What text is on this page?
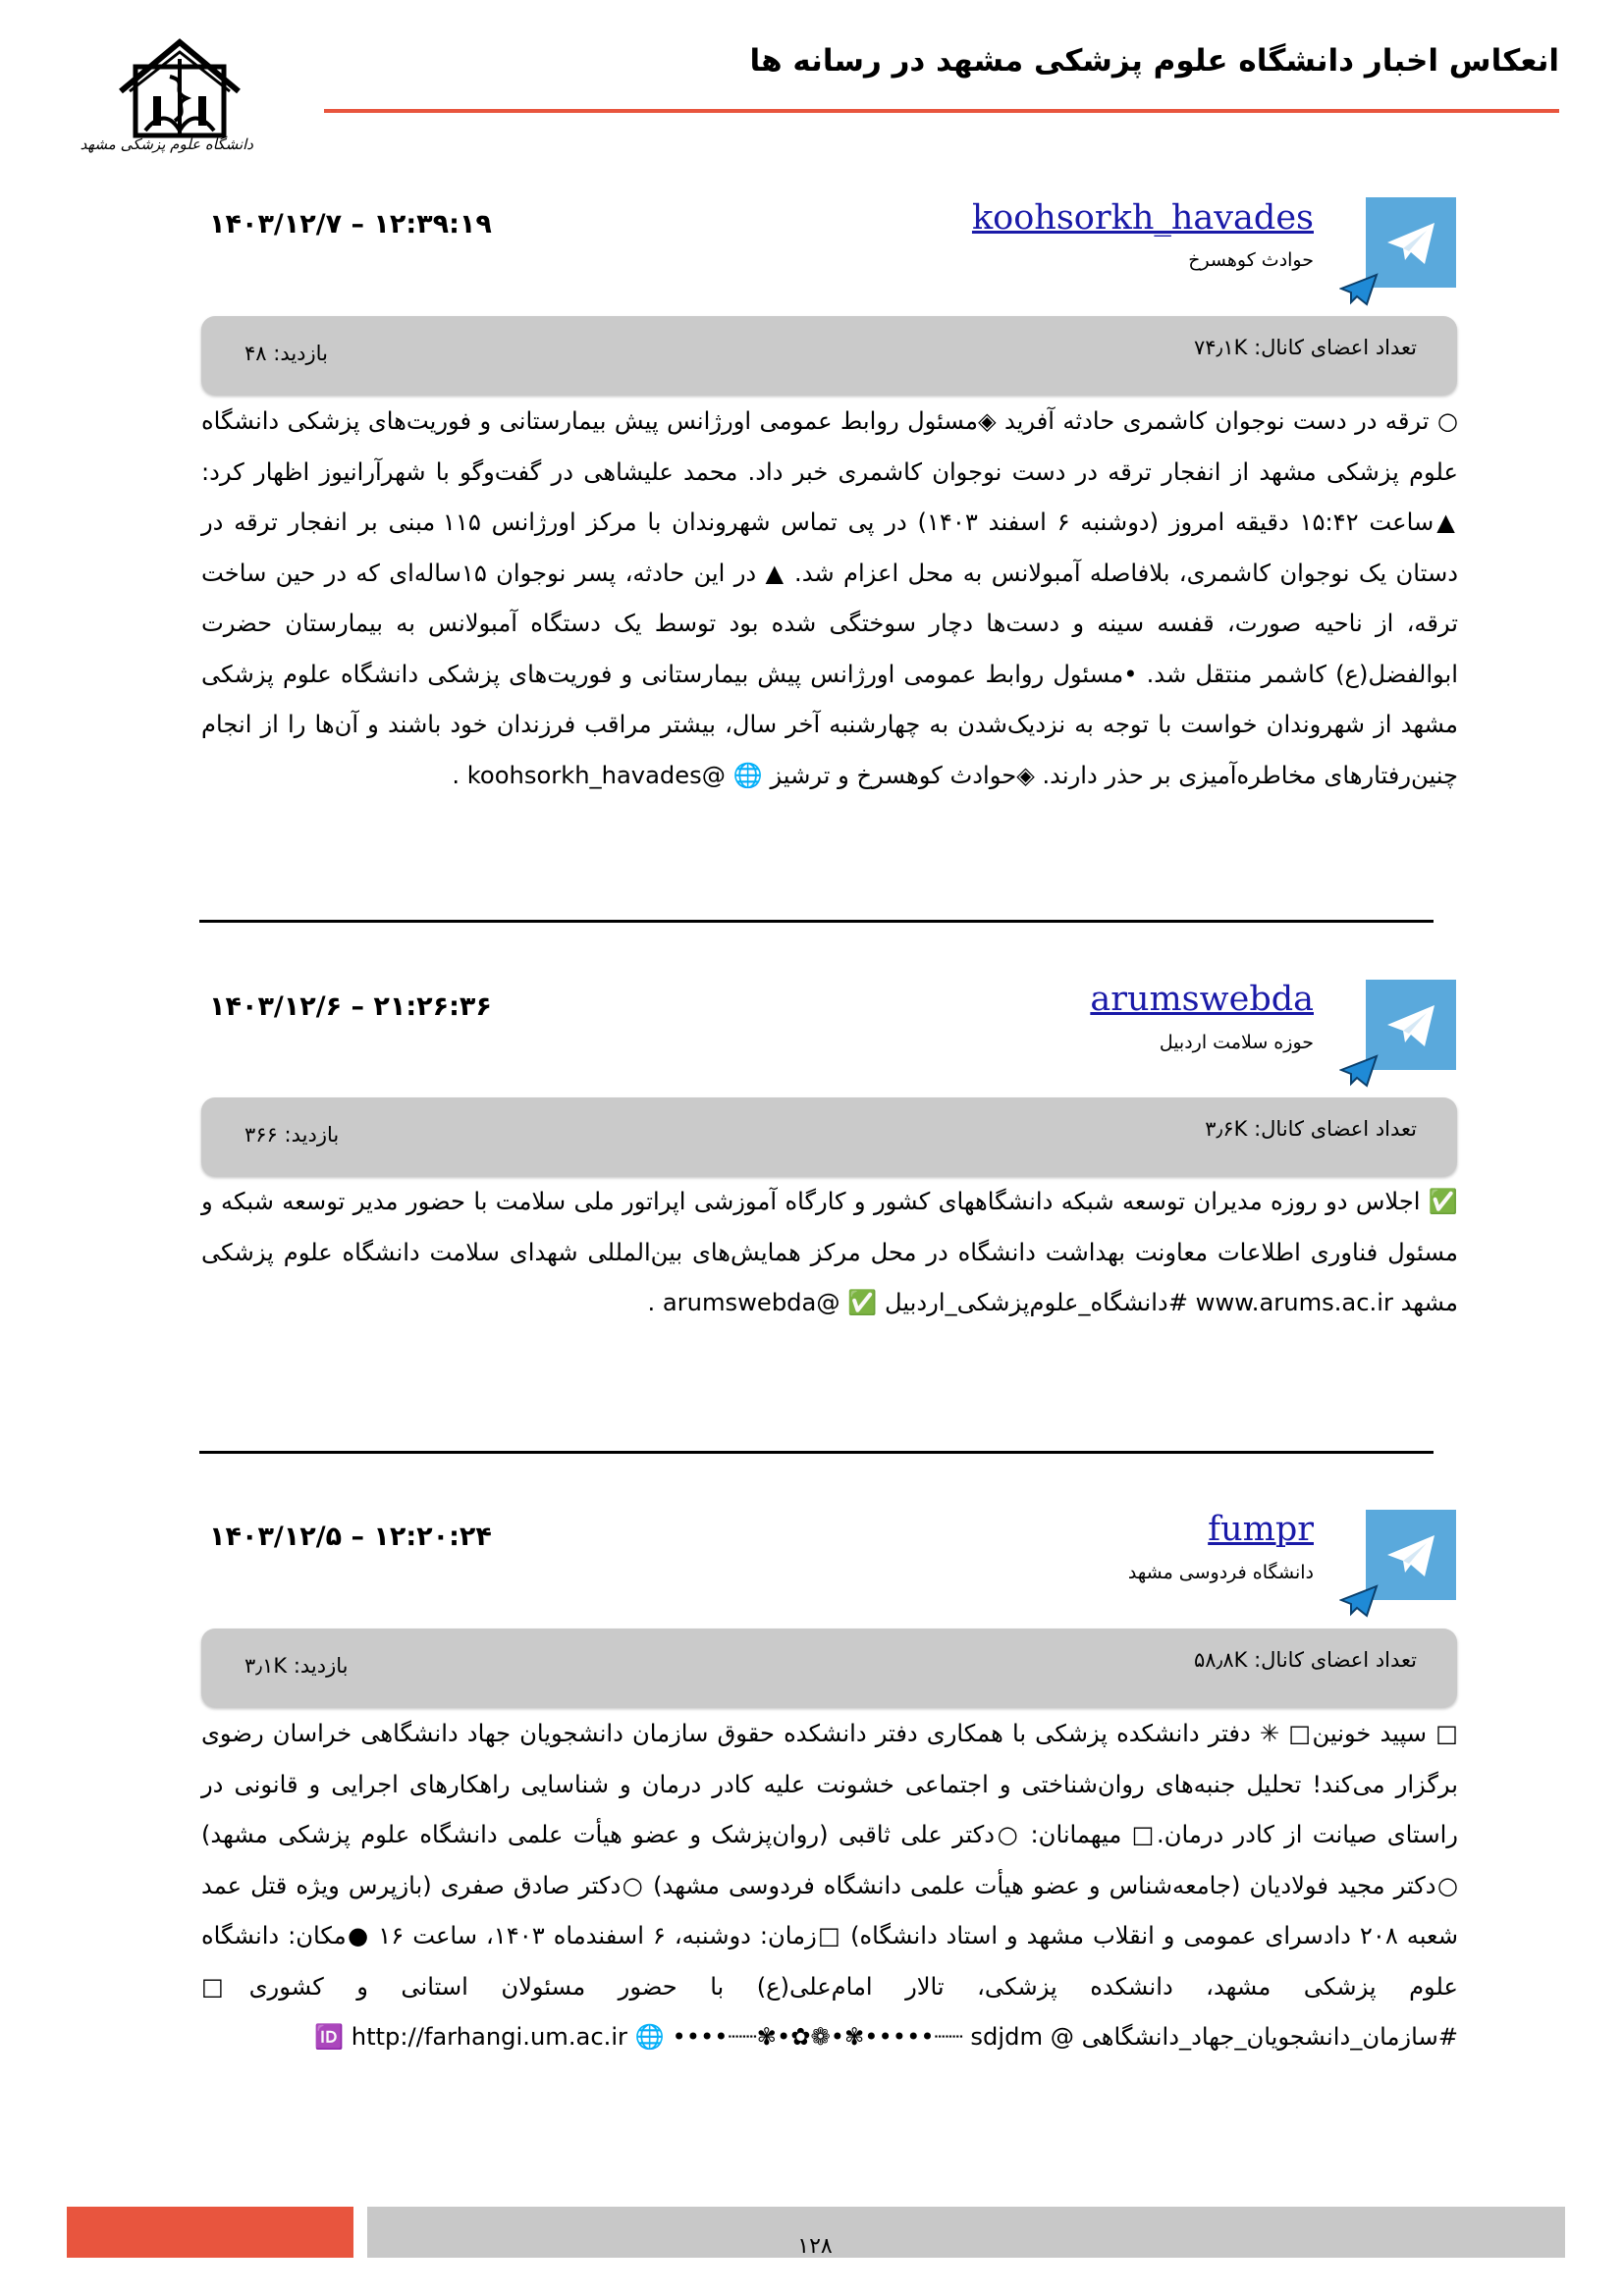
انعکاس اخبار دانشگاه علوم پزشکی مشهد در رسانه ها
دانشگاه علوم پزشکی مشهد
koohsorkh_havades
حوادث کوهسرخ
۱۴۰۳/۱۲/۷ – ۱۲:۳۹:۱۹
تعداد اعضای کانال: ۷۴٫۱K
بازدید: ۴۸
○ ترقه در دست نوجوان کاشمری حادثه آفرید ◈مسئول روابط عمومی اورژانس پیش بیمارستانی و فوریت‌های پزشکی دانشگاه علوم پزشکی مشهد از انفجار ترقه در دست نوجوان کاشمری خبر داد. محمد علیشاهی در گفت‌وگو با شهرآرانیوز اظهار کرد: ▲ساعت ۱۵:۴۲ دقیقه امروز (دوشنبه ۶ اسفند ۱۴۰۳) در پی تماس شهروندان با مرکز اورژانس ۱۱۵ مبنی بر انفجار ترقه در دستان یک نوجوان کاشمری، بلافاصله آمبولانس به محل اعزام شد. ▲ در این حادثه، پسر نوجوان ۱۵ساله‌ای که در حین ساخت ترقه، از ناحیه صورت، قفسه سینه و دست‌ها دچار سوختگی شده بود توسط یک دستگاه آمبولانس به بیمارستان حضرت ابوالفضل(ع) کاشمر منتقل شد. •مسئول روابط عمومی اورژانس پیش بیمارستانی و فوریت‌های پزشکی دانشگاه علوم پزشکی مشهد از شهروندان خواست با توجه به نزدیک‌شدن به چهارشنبه آخر سال، بیشتر مراقب فرزندان خود باشند و آن‌ها را از انجام چنین‌رفتارهای مخاطره‌آمیزی بر حذر دارند. ◈حوادث کوهسرخ و ترشیز 🌐 @koohsorkh_havades .
arumswebda
حوزه سلامت اردبیل
۱۴۰۳/۱۲/۶ – ۲۱:۲۶:۳۶
تعداد اعضای کانال: ۳٫۶K
بازدید: ۳۶۶
✅ اجلاس دو روزه مدیران توسعه شبکه دانشگاههای کشور و کارگاه آموزشی اپراتور ملی سلامت با حضور مدیر توسعه شبکه و مسئول فناوری اطلاعات معاونت بهداشت دانشگاه در محل مرکز همایش‌های بین‌المللی شهدای سلامت دانشگاه علوم پزشکی مشهد www.arums.ac.ir #دانشگاه_علوم‌پزشکی_اردبیل ✅ @arumswebda .
fumpr
دانشگاه فردوسی مشهد
۱۴۰۳/۱۲/۵ – ۱۲:۲۰:۲۴
تعداد اعضای کانال: ۵۸٫۸K
بازدید: ۳٫۱K
□ سپید خونین□ ✳ دفتر دانشکده پزشکی با همکاری دفتر دانشکده حقوق سازمان دانشجویان جهاد دانشگاهی خراسان رضوی برگزار می‌کند! تحلیل جنبه‌های روان‌شناختی و اجتماعی خشونت علیه کادر درمان و شناسایی راهکارهای اجرایی و قانونی در راستای صیانت از کادر درمان.□ میهمانان: ○دکتر علی ثاقبی (روان‌پزشک و عضو هیأت علمی دانشگاه علوم پزشکی مشهد) ○دکتر مجید فولادیان (جامعه‌شناس و عضو هیأت علمی دانشگاه فردوسی مشهد) ○دکتر صادق صفری (بازپرس ویژه قتل عمد شعبه ۲۰۸ دادسرای عمومی و انقلاب مشهد و استاد دانشگاه) □زمان: دوشنبه، ۶ اسفندماه ۱۴۰۳، ساعت ۱۶ ●مکان: دانشگاه علوم پزشکی مشهد، دانشکده پزشکی، تالار امام‌علی(ع) با حضور مسئولان استانی و کشوری□ #سازمان_دانشجویان_جهاد_دانشگاهی @ 🆔 http://farhangi.um.ac.ir 🌐 ••••┈┈✾•✿❁•✾•••••┈┈ sdjdm
۱۲۸
